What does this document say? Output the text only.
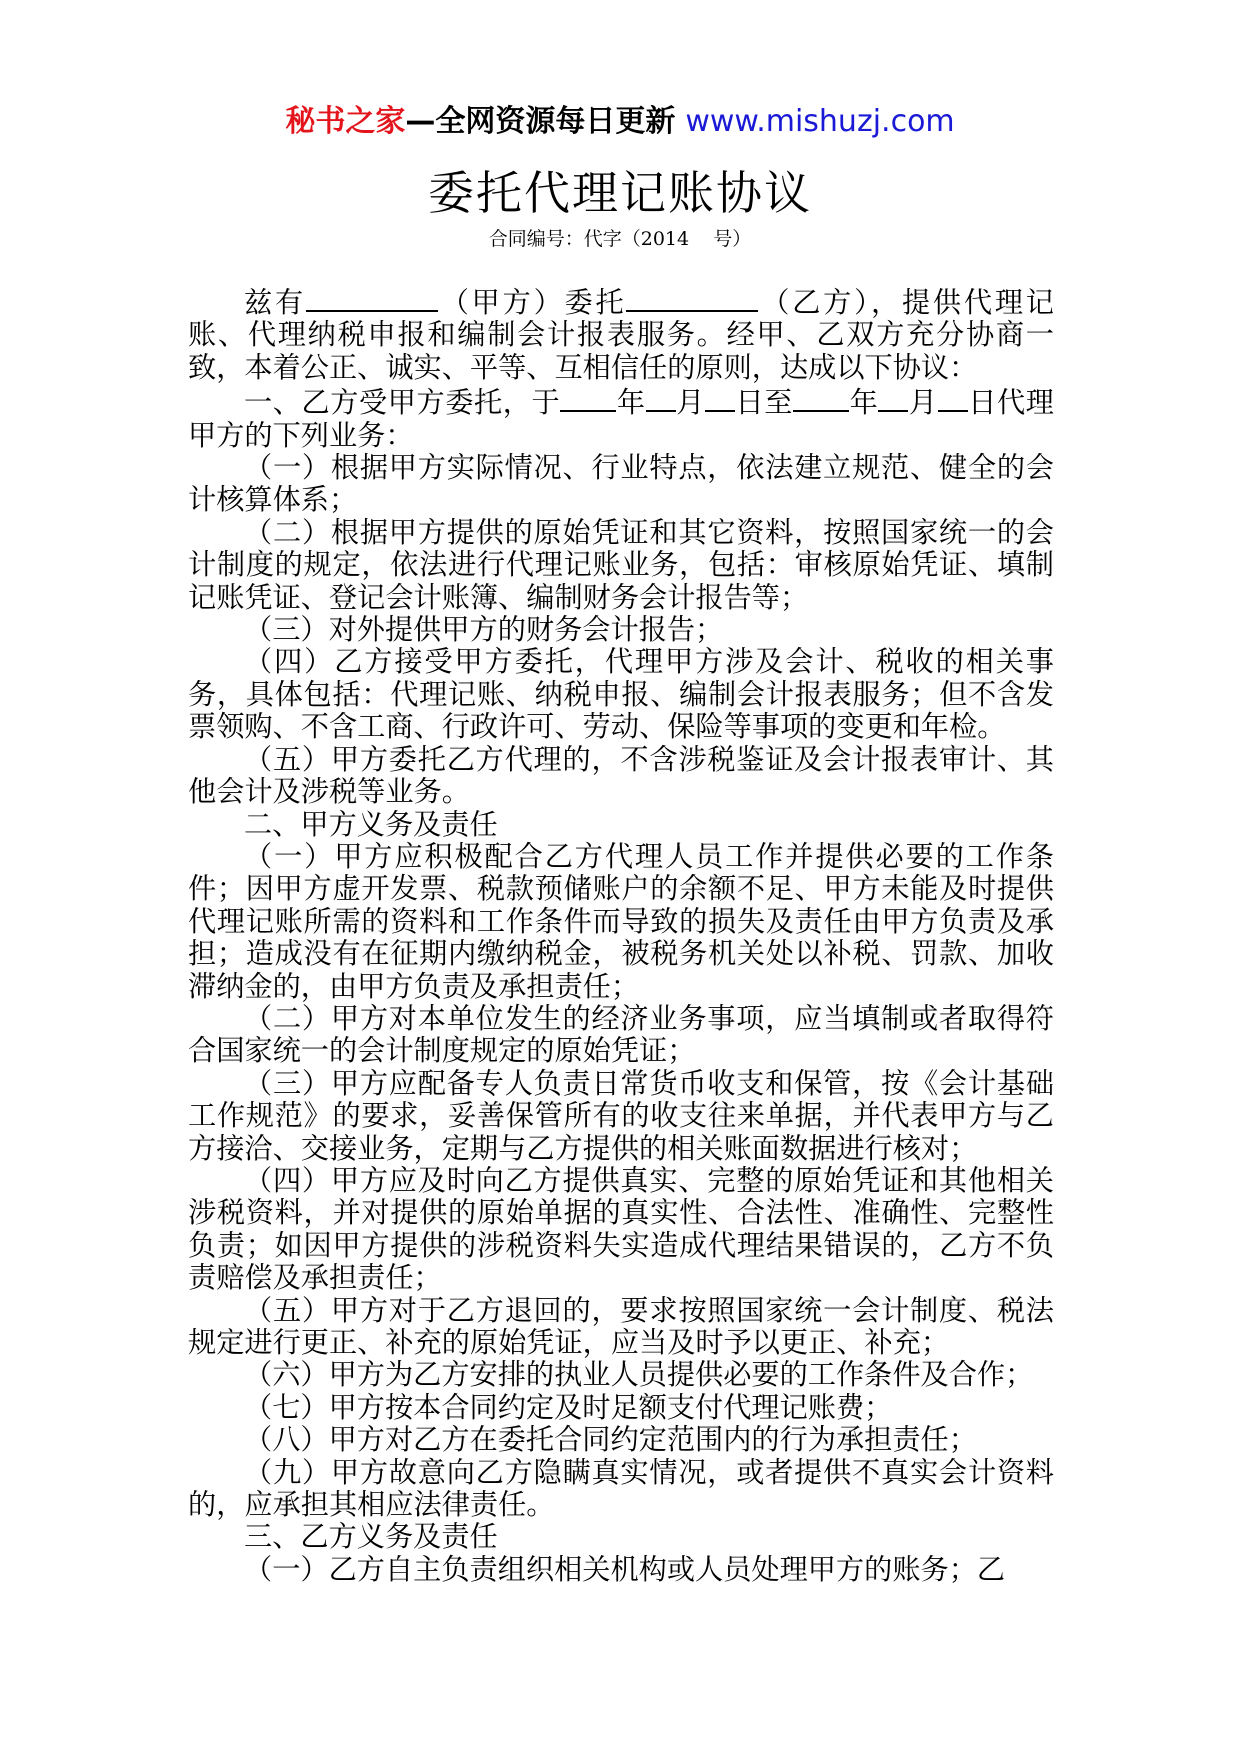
秘书之家—全网资源每日更新 www.mishuzj.com
委托代理记账协议
合同编号：代字（2014    号）

兹有	（甲方）委托	（乙方），提供代理记账、代理纳税申报和编制会计报表服务。经甲、乙双方充分协商一致，本着公正、诚实、平等、互相信任的原则，达成以下协议：

一、乙方受甲方委托，于 年 月 日至 年 月 日代理甲方的下列业务：

（一）根据甲方实际情况、行业特点，依法建立规范、健全的会计核算体系；

（二）根据甲方提供的原始凭证和其它资料，按照国家统一的会计制度的规定，依法进行代理记账业务，包括：审核原始凭证、填制记账凭证、登记会计账簿、编制财务会计报告等；

（三）对外提供甲方的财务会计报告；

（四）乙方接受甲方委托，代理甲方涉及会计、税收的相关事务，具体包括：代理记账、纳税申报、编制会计报表服务；但不含发票领购、不含工商、行政许可、劳动、保险等事项的变更和年检。

（五）甲方委托乙方代理的，不含涉税鉴证及会计报表审计、其他会计及涉税等业务。

二、甲方义务及责任

（一）甲方应积极配合乙方代理人员工作并提供必要的工作条件；因甲方虚开发票、税款预储账户的余额不足、甲方未能及时提供代理记账所需的资料和工作条件而导致的损失及责任由甲方负责及承担；造成没有在征期内缴纳税金，被税务机关处以补税、罚款、加收滞纳金的，由甲方负责及承担责任；

（二）甲方对本单位发生的经济业务事项，应当填制或者取得符合国家统一的会计制度规定的原始凭证；

（三）甲方应配备专人负责日常货币收支和保管，按《会计基础工作规范》的要求，妥善保管所有的收支往来单据，并代表甲方与乙方接洽、交接业务，定期与乙方提供的相关账面数据进行核对；

（四）甲方应及时向乙方提供真实、完整的原始凭证和其他相关涉税资料，并对提供的原始单据的真实性、合法性、准确性、完整性负责；如因甲方提供的涉税资料失实造成代理结果错误的，乙方不负责赔偿及承担责任；

（五）甲方对于乙方退回的，要求按照国家统一会计制度、税法规定进行更正、补充的原始凭证，应当及时予以更正、补充；

（六）甲方为乙方安排的执业人员提供必要的工作条件及合作；

（七）甲方按本合同约定及时足额支付代理记账费；

（八）甲方对乙方在委托合同约定范围内的行为承担责任；

（九）甲方故意向乙方隐瞒真实情况，或者提供不真实会计资料的，应承担其相应法律责任。

三、乙方义务及责任

（一）乙方自主负责组织相关机构或人员处理甲方的账务；乙
